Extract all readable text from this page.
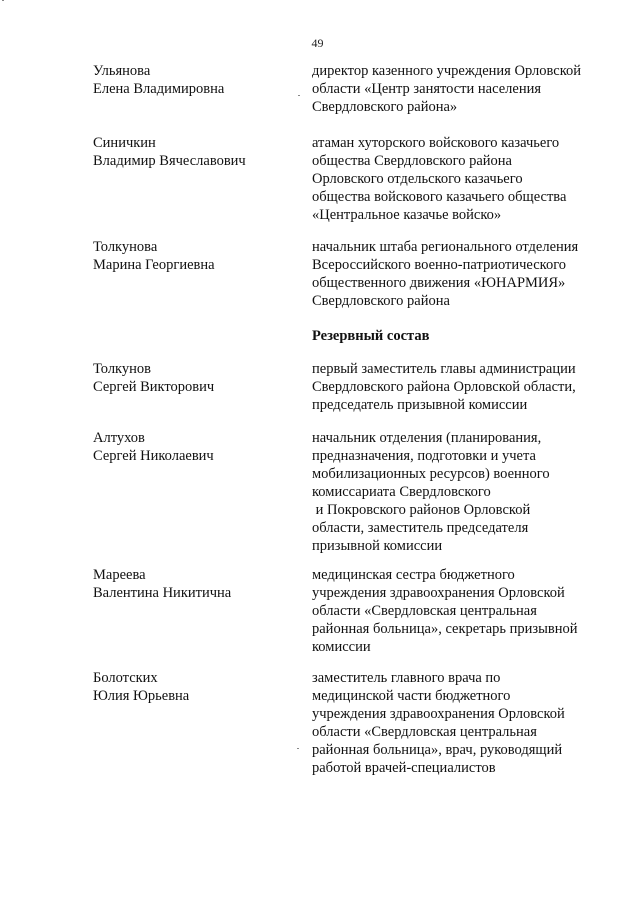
49
Резервный состав
Ульянова
Елена Владимировна
директор казенного учреждения Орловской
области «Центр занятости населения
Свердловского района»
Синичкин
Владимир Вячеславович
атаман хуторского войскового казачьего
общества Свердловского района
Орловского отдельского казачьего
общества войскового казачьего общества
«Центральное казачье войско»
Толкунова
Марина Георгиевна
начальник штаба регионального отделения
Всероссийского военно-патриотического
общественного движения «ЮНАРМИЯ»
Свердловского района
Толкунов
Сергей Викторович
первый заместитель главы администрации
Свердловского района Орловской области,
председатель призывной комиссии
Алтухов
Сергей Николаевич
начальник отделения (планирования,
предназначения, подготовки и учета
мобилизационных ресурсов) военного
комиссариата Свердловского
и Покровского районов Орловской
области, заместитель председателя
призывной комиссии
Мареева
Валентина Никитична
медицинская сестра бюджетного
учреждения здравоохранения Орловской
области «Свердловская центральная
районная больница», секретарь призывной
комиссии
Болотских
Юлия Юрьевна
заместитель главного врача по
медицинской части бюджетного
учреждения здравоохранения Орловской
области «Свердловская центральная
районная больница», врач, руководящий
работой врачей-специалистов
